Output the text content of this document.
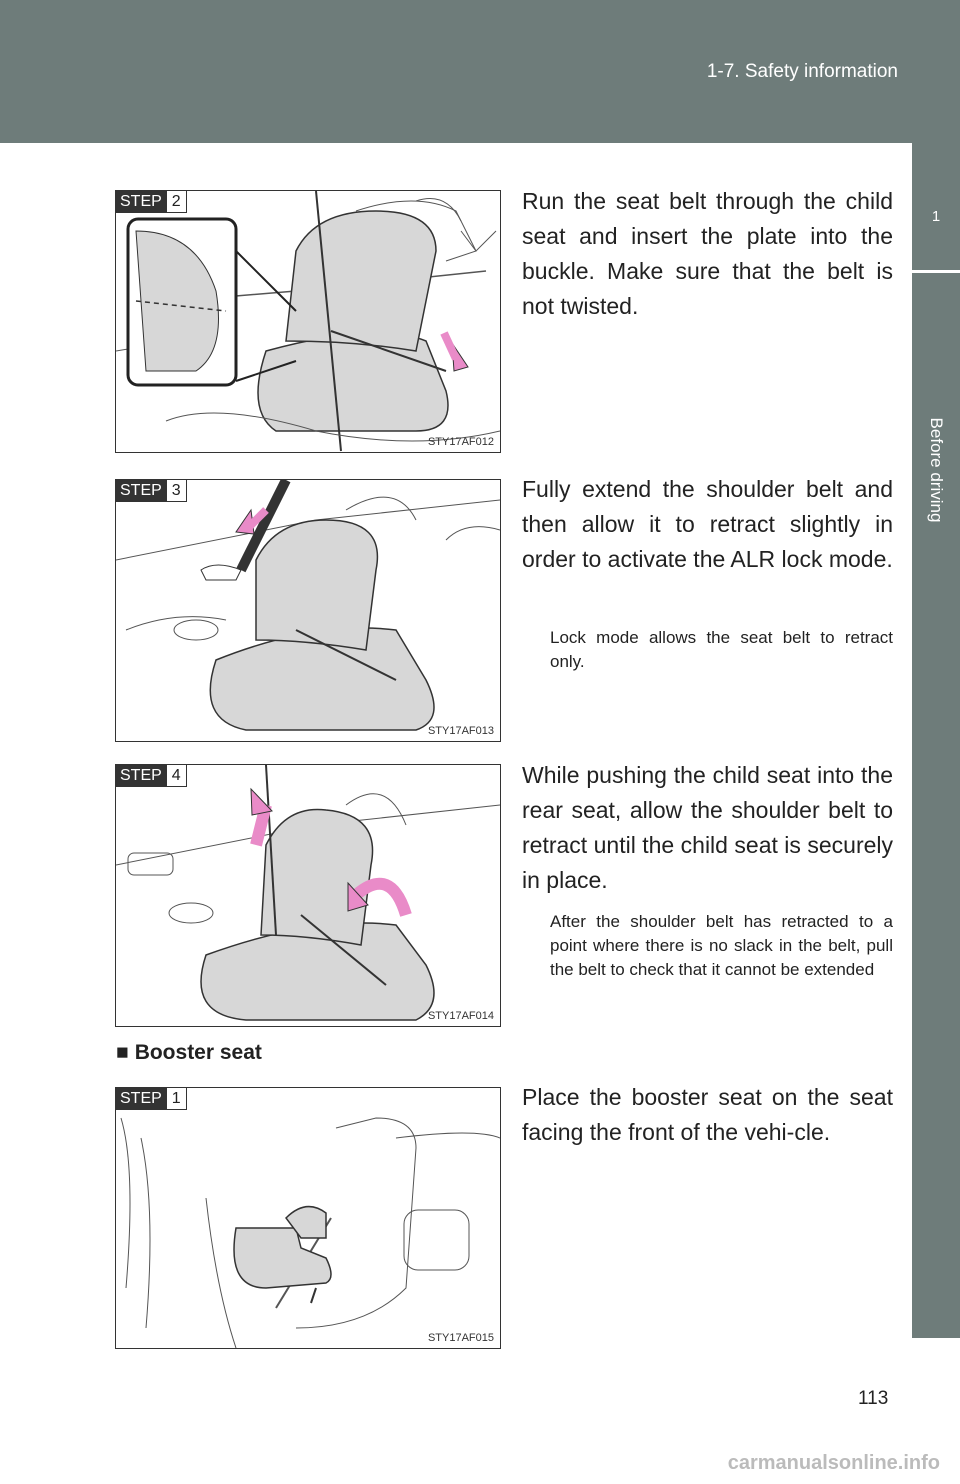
1-7. Safety information
1
Before driving
STEP 2
STY17AF012
Run the seat belt through the child seat and insert the plate into the buckle. Make sure that the belt is not twisted.
STEP 3
STY17AF013
Fully extend the shoulder belt and then allow it to retract slightly in order to activate the ALR lock mode.
Lock mode allows the seat belt to retract only.
STEP 4
STY17AF014
While pushing the child seat into the rear seat, allow the shoulder belt to retract until the child seat is securely in place.
After the shoulder belt has retracted to a point where there is no slack in the belt, pull the belt to check that it cannot be extended
■ Booster seat
STEP 1
STY17AF015
Place the booster seat on the seat facing the front of the vehi-cle.
113
carmanualsonline.info
